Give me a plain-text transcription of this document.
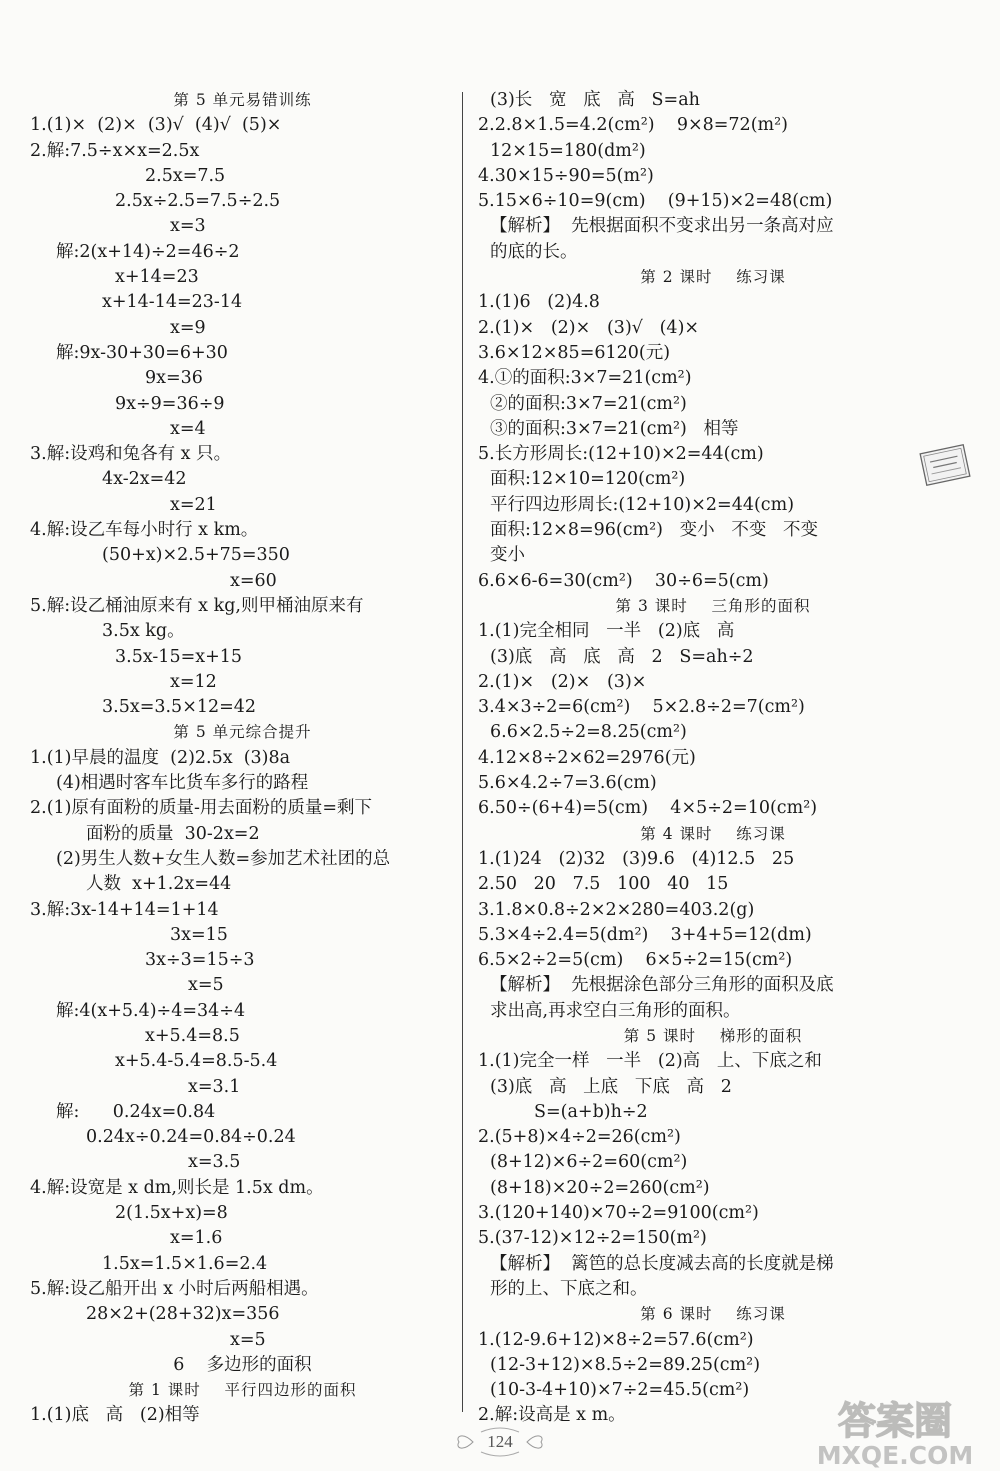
第 5 单元易错训练
1.(1)×  (2)×  (3)√  (4)√  (5)×
2.解:7.5÷x×x=2.5x
2.5x=7.5
2.5x÷2.5=7.5÷2.5
x=3
解:2(x+14)÷2=46÷2
x+14=23
x+14-14=23-14
x=9
解:9x-30+30=6+30
9x=36
9x÷9=36÷9
x=4
3.解:设鸡和兔各有 x 只。
4x-2x=42
x=21
4.解:设乙车每小时行 x km。
(50+x)×2.5+75=350
x=60
5.解:设乙桶油原来有 x kg,则甲桶油原来有
3.5x kg。
3.5x-15=x+15
x=12
3.5x=3.5×12=42
第 5 单元综合提升
1.(1)早晨的温度  (2)2.5x  (3)8a
(4)相遇时客车比货车多行的路程
2.(1)原有面粉的质量-用去面粉的质量=剩下
面粉的质量  30-2x=2
(2)男生人数+女生人数=参加艺术社团的总
人数  x+1.2x=44
3.解:3x-14+14=1+14
3x=15
3x÷3=15÷3
x=5
解:4(x+5.4)÷4=34÷4
x+5.4=8.5
x+5.4-5.4=8.5-5.4
x=3.1
解:      0.24x=0.84
0.24x÷0.24=0.84÷0.24
x=3.5
4.解:设宽是 x dm,则长是 1.5x dm。
2(1.5x+x)=8
x=1.6
1.5x=1.5×1.6=2.4
5.解:设乙船开出 x 小时后两船相遇。
28×2+(28+32)x=356
x=5
6    多边形的面积
第 1 课时    平行四边形的面积
1.(1)底   高   (2)相等
(3)长   宽   底   高   S=ah
2.2.8×1.5=4.2(cm²)    9×8=72(m²)
12×15=180(dm²)
4.30×15÷90=5(m²)
5.15×6÷10=9(cm)    (9+15)×2=48(cm)
【解析】  先根据面积不变求出另一条高对应
的底的长。
第 2 课时    练习课
1.(1)6   (2)4.8
2.(1)×   (2)×   (3)√   (4)×
3.6×12×85=6120(元)
4.①的面积:3×7=21(cm²)
②的面积:3×7=21(cm²)
③的面积:3×7=21(cm²)   相等
5.长方形周长:(12+10)×2=44(cm)
面积:12×10=120(cm²)
平行四边形周长:(12+10)×2=44(cm)
面积:12×8=96(cm²)   变小   不变   不变
变小
6.6×6-6=30(cm²)    30÷6=5(cm)
第 3 课时    三角形的面积
1.(1)完全相同   一半   (2)底   高
(3)底   高   底   高   2   S=ah÷2
2.(1)×   (2)×   (3)×
3.4×3÷2=6(cm²)    5×2.8÷2=7(cm²)
6.6×2.5÷2=8.25(cm²)
4.12×8÷2×62=2976(元)
5.6×4.2÷7=3.6(cm)
6.50÷(6+4)=5(cm)    4×5÷2=10(cm²)
第 4 课时    练习课
1.(1)24   (2)32   (3)9.6   (4)12.5   25
2.50   20   7.5   100   40   15
3.1.8×0.8÷2×2×280=403.2(g)
5.3×4÷2.4=5(dm²)    3+4+5=12(dm)
6.5×2÷2=5(cm)    6×5÷2=15(cm²)
【解析】  先根据涂色部分三角形的面积及底
求出高,再求空白三角形的面积。
第 5 课时    梯形的面积
1.(1)完全一样   一半   (2)高   上、下底之和
(3)底   高   上底   下底   高   2
S=(a+b)h÷2
2.(5+8)×4÷2=26(cm²)
(8+12)×6÷2=60(cm²)
(8+18)×20÷2=260(cm²)
3.(120+140)×70÷2=9100(cm²)
5.(37-12)×12÷2=150(m²)
【解析】  篱笆的总长度减去高的长度就是梯
形的上、下底之和。
第 6 课时    练习课
1.(12-9.6+12)×8÷2=57.6(cm²)
(12-3+12)×8.5÷2=89.25(cm²)
(10-3-4+10)×7÷2=45.5(cm²)
2.解:设高是 x m。
124	答案圈
MXQE.COM
